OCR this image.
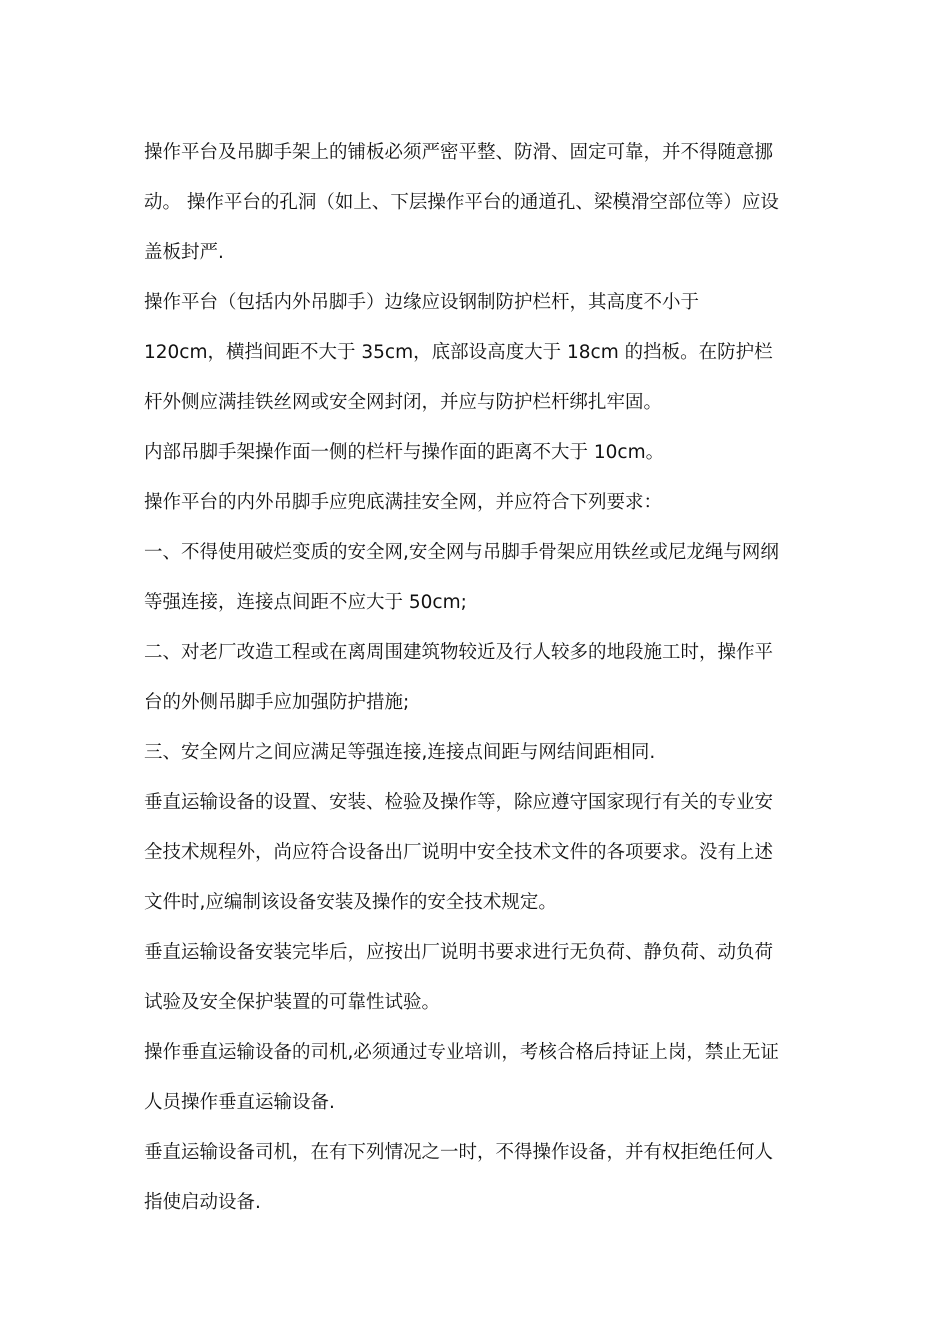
操作平台及吊脚手架上的铺板必须严密平整、防滑、固定可靠，并不得随意挪
动。 操作平台的孔洞（如上、下层操作平台的通道孔、梁模滑空部位等）应设
盖板封严.
操作平台（包括内外吊脚手）边缘应设钢制防护栏杆，其高度不小于
120cm，横挡间距不大于 35cm，底部设高度大于 18cm 的挡板。在防护栏
杆外侧应满挂铁丝网或安全网封闭，并应与防护栏杆绑扎牢固。
内部吊脚手架操作面一侧的栏杆与操作面的距离不大于 10cm。
操作平台的内外吊脚手应兜底满挂安全网，并应符合下列要求：
一、不得使用破烂变质的安全网,安全网与吊脚手骨架应用铁丝或尼龙绳与网纲
等强连接，连接点间距不应大于 50cm;
二、对老厂改造工程或在离周围建筑物较近及行人较多的地段施工时，操作平
台的外侧吊脚手应加强防护措施;
三、安全网片之间应满足等强连接,连接点间距与网结间距相同.
垂直运输设备的设置、安装、检验及操作等，除应遵守国家现行有关的专业安
全技术规程外，尚应符合设备出厂说明中安全技术文件的各项要求。没有上述
文件时,应编制该设备安装及操作的安全技术规定。
垂直运输设备安装完毕后，应按出厂说明书要求进行无负荷、静负荷、动负荷
试验及安全保护装置的可靠性试验。
操作垂直运输设备的司机,必须通过专业培训，考核合格后持证上岗，禁止无证
人员操作垂直运输设备.
垂直运输设备司机，在有下列情况之一时，不得操作设备，并有权拒绝任何人
指使启动设备.
